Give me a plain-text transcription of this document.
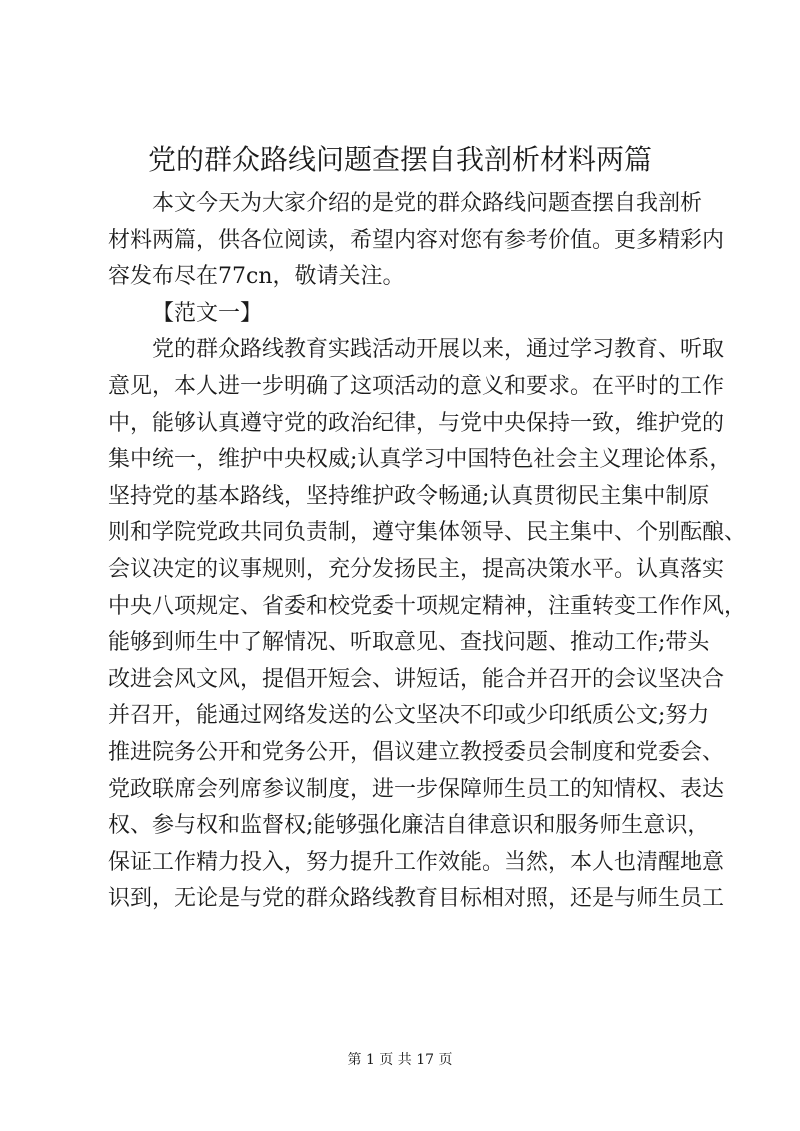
党的群众路线问题查摆自我剖析材料两篇
本文今天为大家介绍的是党的群众路线问题查摆自我剖析
材料两篇，供各位阅读，希望内容对您有参考价值。更多精彩内
容发布尽在77cn，敬请关注。
【范文一】
党的群众路线教育实践活动开展以来，通过学习教育、听取
意见，本人进一步明确了这项活动的意义和要求。在平时的工作
中，能够认真遵守党的政治纪律，与党中央保持一致，维护党的
集中统一，维护中央权威;认真学习中国特色社会主义理论体系，
坚持党的基本路线，坚持维护政令畅通;认真贯彻民主集中制原
则和学院党政共同负责制，遵守集体领导、民主集中、个别酝酿、
会议决定的议事规则，充分发扬民主，提高决策水平。认真落实
中央八项规定、省委和校党委十项规定精神，注重转变工作作风，
能够到师生中了解情况、听取意见、查找问题、推动工作;带头
改进会风文风，提倡开短会、讲短话，能合并召开的会议坚决合
并召开，能通过网络发送的公文坚决不印或少印纸质公文;努力
推进院务公开和党务公开，倡议建立教授委员会制度和党委会、
党政联席会列席参议制度，进一步保障师生员工的知情权、表达
权、参与权和监督权;能够强化廉洁自律意识和服务师生意识，
保证工作精力投入，努力提升工作效能。当然，本人也清醒地意
识到，无论是与党的群众路线教育目标相对照，还是与师生员工
第 1 页 共 17 页
